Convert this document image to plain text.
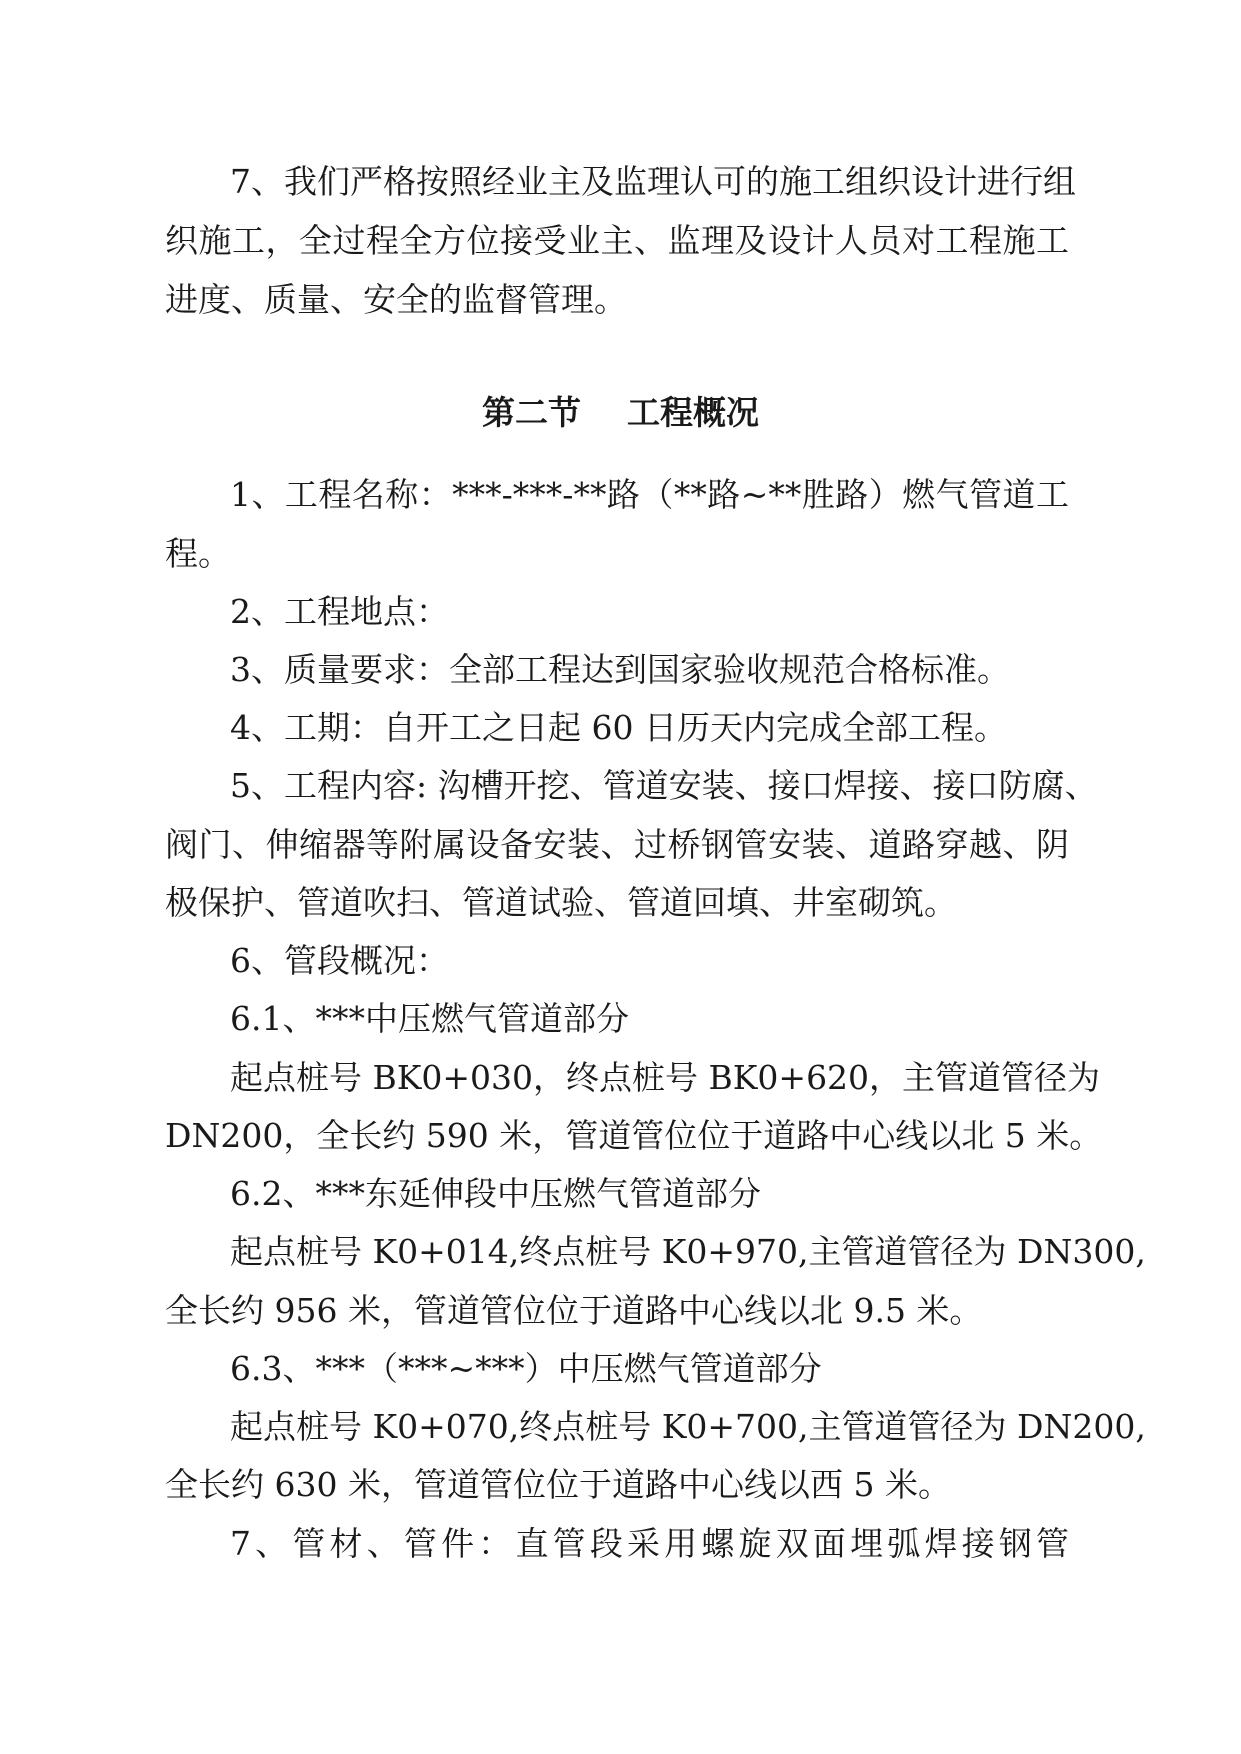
7、我们严格按照经业主及监理认可的施工组织设计进行组

织施工，全过程全方位接受业主、监理及设计人员对工程施工

进度、质量、安全的监督管理。

第二节    工程概况

1、工程名称：***-***-**路（**路~**胜路）燃气管道工

程。

2、工程地点：

3、质量要求：全部工程达到国家验收规范合格标准。

4、工期：自开工之日起 60 日历天内完成全部工程。

5、工程内容: 沟槽开挖、管道安装、接口焊接、接口防腐、

阀门、伸缩器等附属设备安装、过桥钢管安装、道路穿越、阴

极保护、管道吹扫、管道试验、管道回填、井室砌筑。

6、管段概况：

6.1、***中压燃气管道部分

起点桩号 BK0+030，终点桩号 BK0+620，主管道管径为

DN200，全长约 590 米，管道管位位于道路中心线以北 5 米。

6.2、***东延伸段中压燃气管道部分

起点桩号 K0+014,终点桩号 K0+970,主管道管径为 DN300,

全长约 956 米，管道管位位于道路中心线以北 9.5 米。

6.3、***（***~***）中压燃气管道部分

起点桩号 K0+070,终点桩号 K0+700,主管道管径为 DN200,

全长约 630 米，管道管位位于道路中心线以西 5 米。

7、管材、管件：直管段采用螺旋双面埋弧焊接钢管
